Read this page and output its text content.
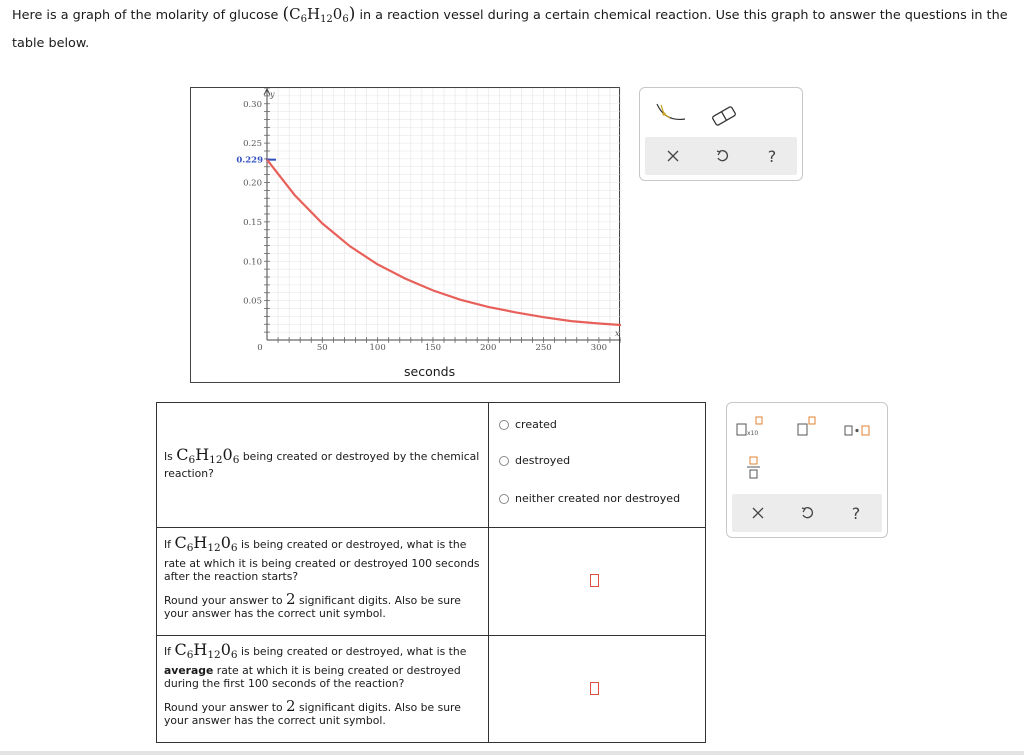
Here is a graph of the molarity of glucose $(C_6H_{12}0_6)$ in a reaction vessel during a certain chemical reaction. Use this graph to answer the questions in the table below.
0.30
0.25
0.20
0.15
0.10
0.05
0	50	100	150	200	250	300
y
x
0.229
seconds
?
Is $C_6H_{12}0_6$ being created or destroyed by the chemical reaction?
created
destroyed
neither created nor destroyed
If $C_6H_{12}0_6$ is being created or destroyed, what is the

rate at which it is being created or destroyed 100 seconds after the reaction starts?
Round your answer to 2 significant digits. Also be sure your answer has the correct unit symbol.
If $C_6H_{12}0_6$ is being created or destroyed, what is the

average rate at which it is being created or destroyed during the first 100 seconds of the reaction?
Round your answer to 2 significant digits. Also be sure your answer has the correct unit symbol.
x10
?
